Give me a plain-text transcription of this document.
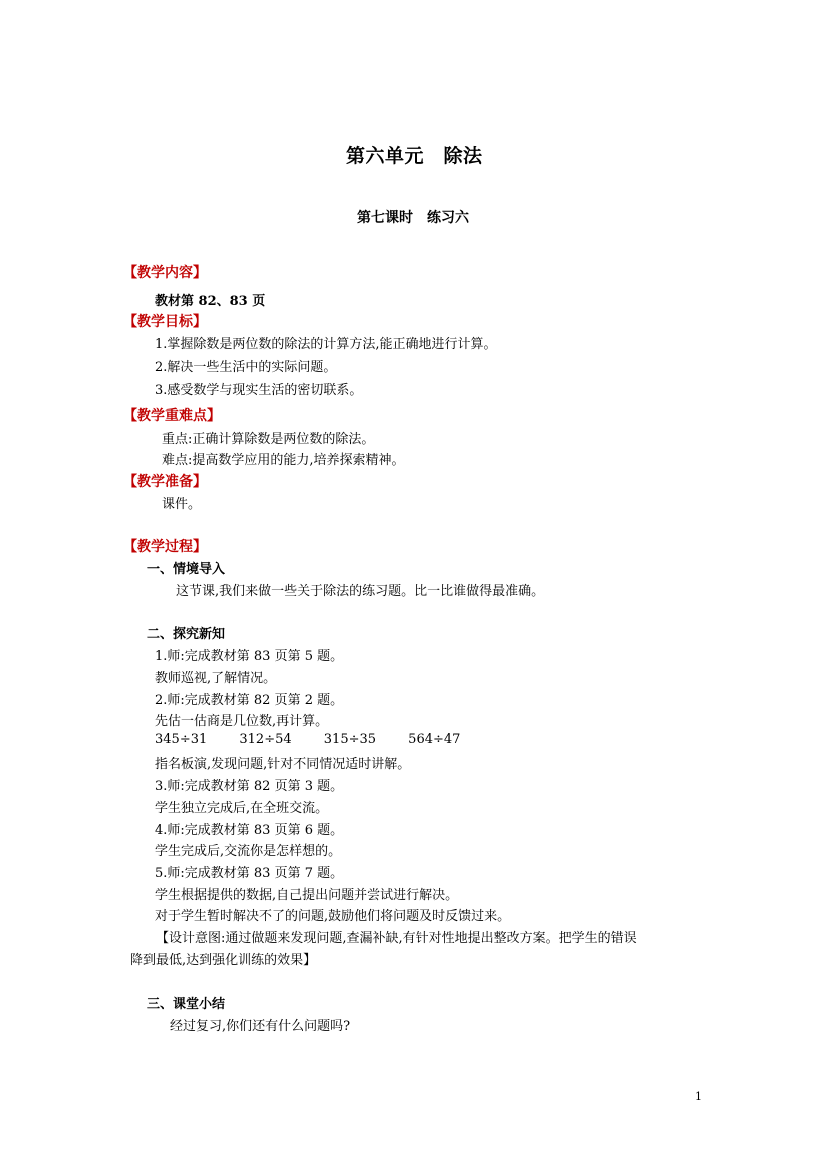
第六单元　除法
第七课时　练习六
【教学内容】
教材第 82、83 页
【教学目标】
1.掌握除数是两位数的除法的计算方法,能正确地进行计算。
2.解决一些生活中的实际问题。
3.感受数学与现实生活的密切联系。
【教学重难点】
重点:正确计算除数是两位数的除法。
难点:提高数学应用的能力,培养探索精神。
【教学准备】
课件。
【教学过程】
一、情境导入
这节课,我们来做一些关于除法的练习题。比一比谁做得最准确。
二、探究新知
1.师:完成教材第 83 页第 5 题。
教师巡视,了解情况。
2.师:完成教材第 82 页第 2 题。
先估一估商是几位数,再计算。
345÷31 312÷54 315÷35 564÷47
指名板演,发现问题,针对不同情况适时讲解。
3.师:完成教材第 82 页第 3 题。
学生独立完成后,在全班交流。
4.师:完成教材第 83 页第 6 题。
学生完成后,交流你是怎样想的。
5.师:完成教材第 83 页第 7 题。
学生根据提供的数据,自己提出问题并尝试进行解决。
对于学生暂时解决不了的问题,鼓励他们将问题及时反馈过来。
【设计意图:通过做题来发现问题,查漏补缺,有针对性地提出整改方案。把学生的错误
降到最低,达到强化训练的效果】
三、课堂小结
经过复习,你们还有什么问题吗?
1
